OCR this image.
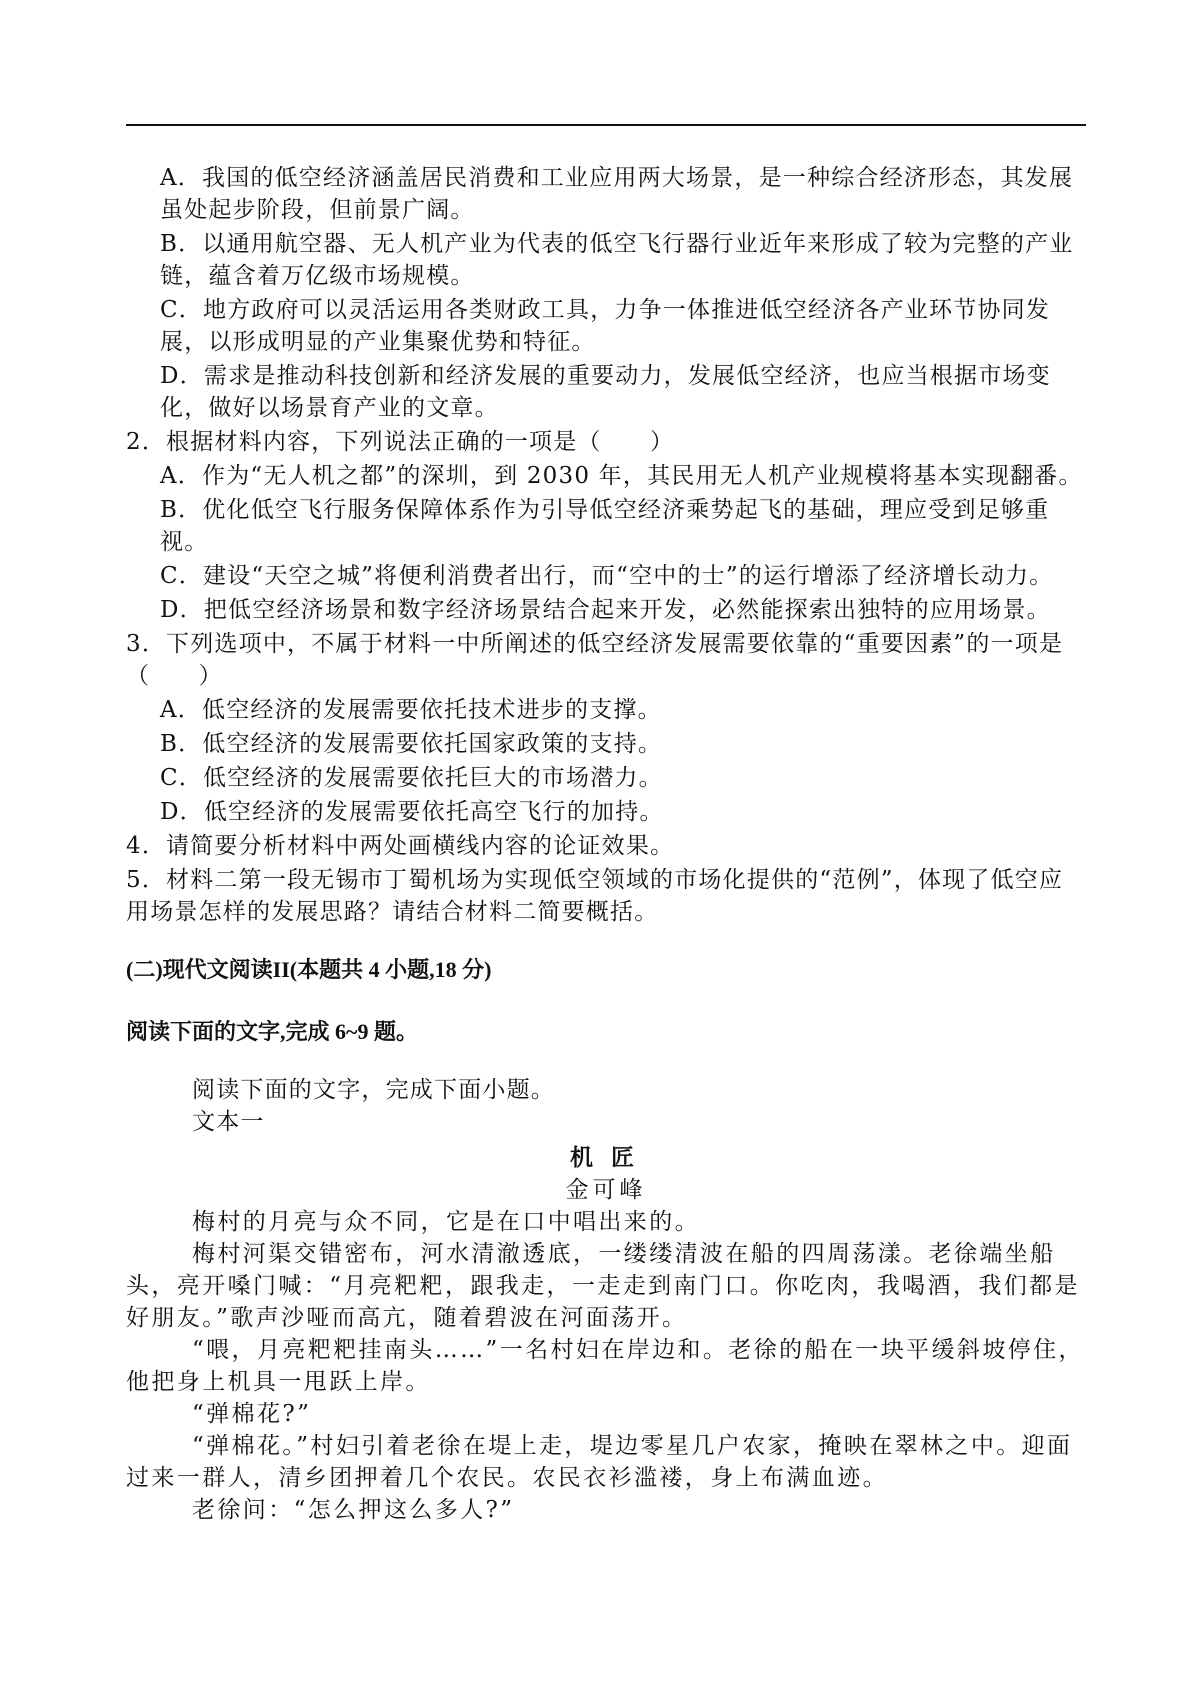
A．我国的低空经济涵盖居民消费和工业应用两大场景，是一种综合经济形态，其发展虽处起步阶段，但前景广阔。

B．以通用航空器、无人机产业为代表的低空飞行器行业近年来形成了较为完整的产业链，蕴含着万亿级市场规模。

C．地方政府可以灵活运用各类财政工具，力争一体推进低空经济各产业环节协同发展，以形成明显的产业集聚优势和特征。

D．需求是推动科技创新和经济发展的重要动力，发展低空经济，也应当根据市场变化，做好以场景育产业的文章。

2．根据材料内容，下列说法正确的一项是（　　）

A．作为“无人机之都”的深圳，到 2030 年，其民用无人机产业规模将基本实现翻番。

B．优化低空飞行服务保障体系作为引导低空经济乘势起飞的基础，理应受到足够重视。

C．建设“天空之城”将便利消费者出行，而“空中的士”的运行增添了经济增长动力。

D．把低空经济场景和数字经济场景结合起来开发，必然能探索出独特的应用场景。

3．下列选项中，不属于材料一中所阐述的低空经济发展需要依靠的“重要因素”的一项是（　　）

A．低空经济的发展需要依托技术进步的支撑。

B．低空经济的发展需要依托国家政策的支持。

C．低空经济的发展需要依托巨大的市场潜力。

D．低空经济的发展需要依托高空飞行的加持。

4．请简要分析材料中两处画横线内容的论证效果。

5．材料二第一段无锡市丁蜀机场为实现低空领域的市场化提供的“范例”，体现了低空应用场景怎样的发展思路？请结合材料二简要概括。

(二)现代文阅读II(本题共 4 小题,18 分)

阅读下面的文字,完成 6~9 题。

阅读下面的文字，完成下面小题。

文本一

机匠

金可峰

梅村的月亮与众不同，它是在口中唱出来的。

梅村河渠交错密布，河水清澈透底，一缕缕清波在船的四周荡漾。老徐端坐船头，亮开嗓门喊：“月亮粑粑，跟我走，一走走到南门口。你吃肉，我喝酒，我们都是好朋友。”歌声沙哑而高亢，随着碧波在河面荡开。

“喂，月亮粑粑挂南头……”一名村妇在岸边和。老徐的船在一块平缓斜坡停住，他把身上机具一甩跃上岸。

“弹棉花?”

“弹棉花。”村妇引着老徐在堤上走，堤边零星几户农家，掩映在翠林之中。迎面过来一群人，清乡团押着几个农民。农民衣衫滥褛，身上布满血迹。

老徐问：“怎么押这么多人?”
